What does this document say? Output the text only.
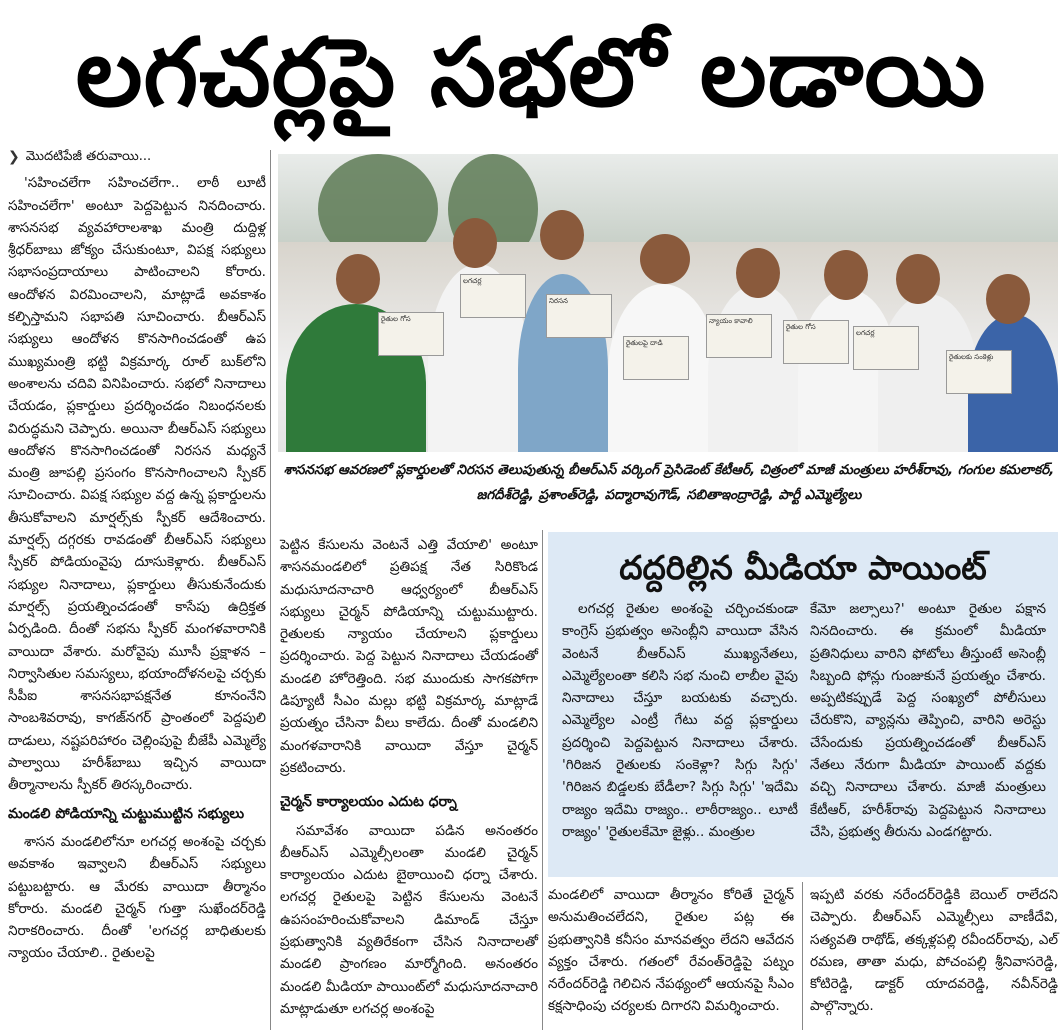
లగచర్లపై సభలో లడాయి
❯ మొదటిపేజీ తరువాయి...

'సహించలేగా సహించలేగా.. లాఠీ లూటీ సహించలేగా' అంటూ పెద్దపెట్టున నినదించారు. శాసనసభ వ్యవహారాలశాఖ మంత్రి దుద్దిళ్ల శ్రీధర్‌బాబు జోక్యం చేసుకుంటూ, విపక్ష సభ్యులు సభాసంప్రదాయాలు పాటించాలని కోరారు. ఆందోళన విరమించాలని, మాట్లాడే అవకాశం కల్పిస్తామని సభాపతి సూచించారు. బీఆర్‌ఎస్ సభ్యులు ఆందోళన కొనసాగించడంతో ఉప ముఖ్యమంత్రి భట్టి విక్రమార్క రూల్ బుక్‌లోని అంశాలను చదివి వినిపించారు. సభలో నినాదాలు చేయడం, ప్లకార్డులు ప్రదర్శించడం నిబంధనలకు విరుద్ధమని చెప్పారు. అయినా బీఆర్‌ఎస్ సభ్యులు ఆందోళన కొనసాగించడంతో నిరసన మధ్యనే మంత్రి జూపల్లి ప్రసంగం కొనసాగించాలని స్పీకర్ సూచించారు. విపక్ష సభ్యుల వద్ద ఉన్న ప్లకార్డులను తీసుకోవాలని మార్షల్స్‌కు స్పీకర్ ఆదేశించారు. మార్షల్స్ దగ్గరకు రావడంతో బీఆర్‌ఎస్ సభ్యులు స్పీకర్ పోడియంవైపు దూసుకెళ్లారు. బీఆర్‌ఎస్ సభ్యుల నినాదాలు, ప్లకార్డులు తీసుకునేందుకు మార్షల్స్ ప్రయత్నించడంతో కాసేపు ఉద్రిక్తత ఏర్పడింది. దీంతో సభను స్పీకర్ మంగళవారానికి వాయిదా వేశారు. మరోవైపు మూసీ ప్రక్షాళన –నిర్వాసితుల సమస్యలు, భయాందోళనలపై చర్చకు సీపీఐ శాసనసభాపక్షనేత కూనంనేని సాంబశివరావు, కాగజ్‌నగర్ ప్రాంతంలో పెద్దపులి దాడులు, నష్టపరిహారం చెల్లింపుపై బీజేపీ ఎమ్మెల్యే పాల్వాయి హరీశ్‌బాబు ఇచ్చిన వాయిదా తీర్మానాలను స్పీకర్ తిరస్కరించారు.

మండలి పోడియాన్ని చుట్టుముట్టిన సభ్యులు

శాసన మండలిలోనూ లగచర్ల అంశంపై చర్చకు అవకాశం ఇవ్వాలని బీఆర్‌ఎస్ సభ్యులు పట్టుబట్టారు. ఆ మేరకు వాయిదా తీర్మానం కోరారు. మండలి చైర్మన్ గుత్తా సుఖేందర్‌రెడ్డి నిరాకరించారు. దీంతో 'లగచర్ల బాధితులకు న్యాయం చేయాలి.. రైతులపై

రైతుల గోస
లగచర్ల
నిరసన
రైతులపై దాడి
న్యాయం కావాలి
రైతుల గోస
లగచర్ల
రైతులకు సంకెళ్లు
శాసనసభ ఆవరణలో ప్లకార్డులతో నిరసన తెలుపుతున్న బీఆర్‌ఎస్ వర్కింగ్ ప్రెసిడెంట్ కేటీఆర్, చిత్రంలో మాజీ మంత్రులు హరీశ్‌రావు, గంగుల కమలాకర్, జగదీశ్‌రెడ్డి, ప్రశాంత్‌రెడ్డి, పద్మారావుగౌడ్, సబితాఇంద్రారెడ్డి, పార్టీ ఎమ్మెల్యేలు

పెట్టిన కేసులను వెంటనే ఎత్తి వేయాలి' అంటూ శాసనమండలిలో ప్రతిపక్ష నేత సిరికొండ మధుసూదనాచారి ఆధ్వర్యంలో బీఆర్‌ఎస్ సభ్యులు చైర్మన్ పోడియాన్ని చుట్టుముట్టారు. రైతులకు న్యాయం చేయాలని ప్లకార్డులు ప్రదర్శించారు. పెద్ద పెట్టున నినాదాలు చేయడంతో మండలి హోరెత్తింది. సభ ముందుకు సాగకపోగా డిప్యూటీ సీఎం మల్లు భట్టి విక్రమార్క మాట్లాడే ప్రయత్నం చేసినా వీలు కాలేదు. దీంతో మండలిని మంగళవారానికి వాయిదా వేస్తూ చైర్మన్ ప్రకటించారు.

చైర్మన్ కార్యాలయం ఎదుట ధర్నా

సమావేశం వాయిదా పడిన అనంతరం బీఆర్‌ఎస్ ఎమ్మెల్సీలంతా మండలి చైర్మన్ కార్యాలయం ఎదుట బైఠాయించి ధర్నా చేశారు. లగచర్ల రైతులపై పెట్టిన కేసులను వెంటనే ఉపసంహరించుకోవాలని డిమాండ్ చేస్తూ ప్రభుత్వానికి వ్యతిరేకంగా చేసిన నినాదాలతో మండలి ప్రాంగణం మార్మోగింది. అనంతరం మండలి మీడియా పాయింట్‌లో మధుసూదనాచారి మాట్లాడుతూ లగచర్ల అంశంపై

దద్దరిల్లిన మీడియా పాయింట్

లగచర్ల రైతుల అంశంపై చర్చించకుండా కాంగ్రెస్ ప్రభుత్వం అసెంబ్లీని వాయిదా వేసిన వెంటనే బీఆర్‌ఎస్ ముఖ్యనేతలు, ఎమ్మెల్యేలంతా కలిసి సభ నుంచి లాబీల వైపు నినాదాలు చేస్తూ బయటకు వచ్చారు. ఎమ్మెల్యేల ఎంట్రీ గేటు వద్ద ప్లకార్డులు ప్రదర్శించి పెద్దపెట్టున నినాదాలు చేశారు. 'గిరిజన రైతులకు సంకెళ్లా? సిగ్గు సిగ్గు' 'గిరిజన బిడ్డలకు బేడీలా? సిగ్గు సిగ్గు' 'ఇదేమి రాజ్యం ఇదేమి రాజ్యం.. లాఠీరాజ్యం.. లూటీ రాజ్యం' 'రైతులకేమో జైళ్లు.. మంత్రుల

కేమో జల్సాలు?' అంటూ రైతుల పక్షాన నినదించారు. ఈ క్రమంలో మీడియా ప్రతినిధులు వారిని ఫోటోలు తీస్తుంటే అసెంబ్లీ సిబ్బంది ఫోన్లు గుంజుకునే ప్రయత్నం చేశారు. అప్పటికప్పుడే పెద్ద సంఖ్యలో పోలీసులు చేరుకొని, వ్యాన్లను తెప్పించి, వారిని అరెస్టు చేసేందుకు ప్రయత్నించడంతో బీఆర్‌ఎస్ నేతలు నేరుగా మీడియా పాయింట్ వద్దకు వచ్చి నినాదాలు చేశారు. మాజీ మంత్రులు కేటీఆర్, హరీశ్‌రావు పెద్దపెట్టున నినాదాలు చేసి, ప్రభుత్వ తీరును ఎండగట్టారు.

మండలిలో వాయిదా తీర్మానం కోరితే చైర్మన్ అనుమతించలేదని, రైతుల పట్ల ఈ ప్రభుత్వానికి కనీసం మానవత్వం లేదని ఆవేదన వ్యక్తం చేశారు. గతంలో రేవంత్‌రెడ్డిపై పట్నం నరేందర్‌రెడ్డి గెలిచిన నేపథ్యంలో ఆయనపై సీఎం కక్షసాధింపు చర్యలకు దిగారని విమర్శించారు.

ఇప్పటి వరకు నరేందర్‌రెడ్డికి బెయిల్ రాలేదని చెప్పారు. బీఆర్‌ఎస్ ఎమ్మెల్సీలు వాణీదేవి, సత్యవతి రాథోడ్, తక్కళ్లపల్లి రవీందర్‌రావు, ఎల్ రమణ, తాతా మధు, పోచంపల్లి శ్రీనివాసరెడ్డి, కోటిరెడ్డి, డాక్టర్ యాదవరెడ్డి, నవీన్‌రెడ్డి పాల్గొన్నారు.
